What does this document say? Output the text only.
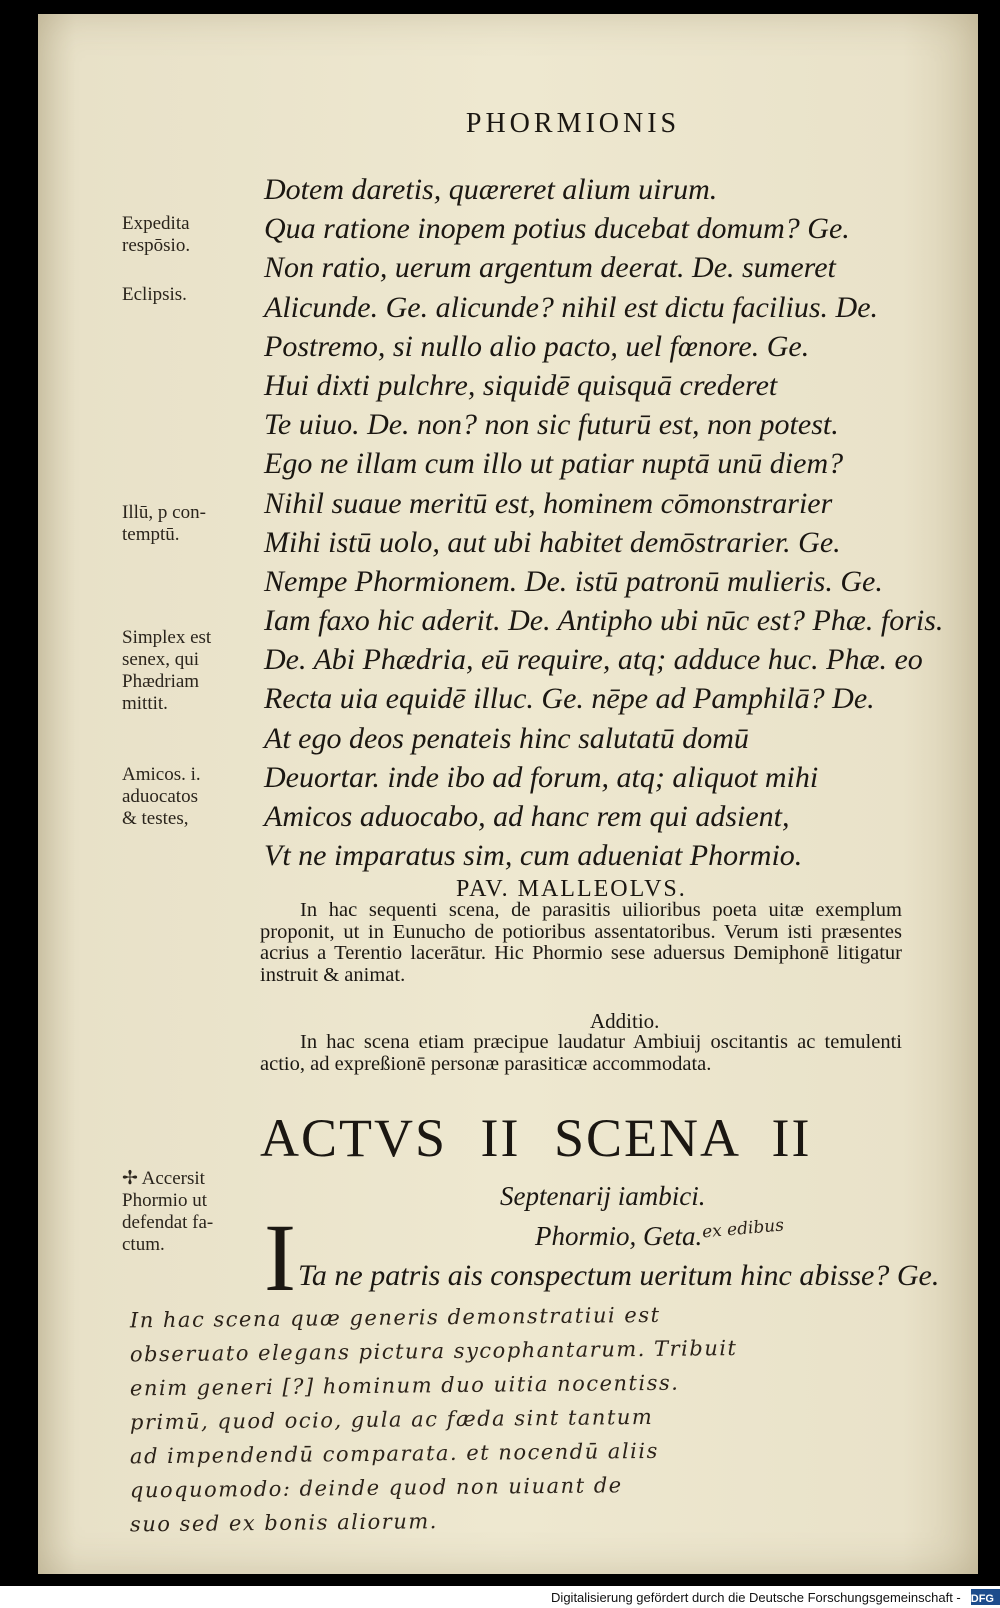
PHORMIONIS
Dotem daretis, quæreret alium uirum.
Qua ratione inopem potius ducebat domum? Ge.
Non ratio, uerum argentum deerat. De. sumeret
Alicunde. Ge. alicunde? nihil est dictu facilius. De.
Postremo, si nullo alio pacto, uel fœnore. Ge.
Hui dixti pulchre, siquidē quisquā crederet
Te uiuo. De. non? non sic futurū est, non potest.
Ego ne illam cum illo ut patiar nuptā unū diem?
Nihil suaue meritū est, hominem cōmonstrarier
Mihi istū uolo, aut ubi habitet demōstrarier. Ge.
Nempe Phormionem. De. istū patronū mulieris. Ge.
Iam faxo hic aderit. De. Antipho ubi nūc est? Phæ. foris.
De. Abi Phædria, eū require, atq; adduce huc. Phæ. eo
Recta uia equidē illuc. Ge. nēpe ad Pamphilā? De.
At ego deos penateis hinc salutatū domū
Deuortar. inde ibo ad forum, atq; aliquot mihi
Amicos aduocabo, ad hanc rem qui adsient,
Vt ne imparatus sim, cum adueniat Phormio.
Expedita
respōsio.
Eclipsis.
Illū, p con-
temptū.
Simplex est
senex, qui
Phædriam
mittit.
Amicos. i.
aduocatos
& testes,
✢ Accersit
Phormio ut
defendat fa-
ctum.
PAV. MALLEOLVS.

In hac sequenti scena, de parasitis uilioribus poeta uitæ exemplum proponit, ut in Eunucho de potioribus assentatoribus. Verum isti præsentes acrius a Terentio lacerātur. Hic Phormio sese aduersus Demiphonē litigatur instruit & animat.

Additio.

In hac scena etiam præcipue laudatur Ambiuij oscitantis ac temulenti actio, ad expreßionē personæ parasiticæ accommodata.

ACTVS II SCENA II
Septenarij iambici.
Phormio, Geta. ex edibus
I Ta ne patris ais conspectum ueritum hinc abisse? Ge.
In hac scena quæ generis demonstratiui est
obseruato elegans pictura sycophantarum. Tribuit
enim generi [?] hominum duo uitia nocentiss.
primū, quod ocio, gula ac fæda sint tantum
ad impendendū comparata. et nocendū aliis
quoquomodo: deinde quod non uiuant de
suo sed ex bonis aliorum.
Digitalisierung gefördert durch die Deutsche Forschungsgemeinschaft - DFG
